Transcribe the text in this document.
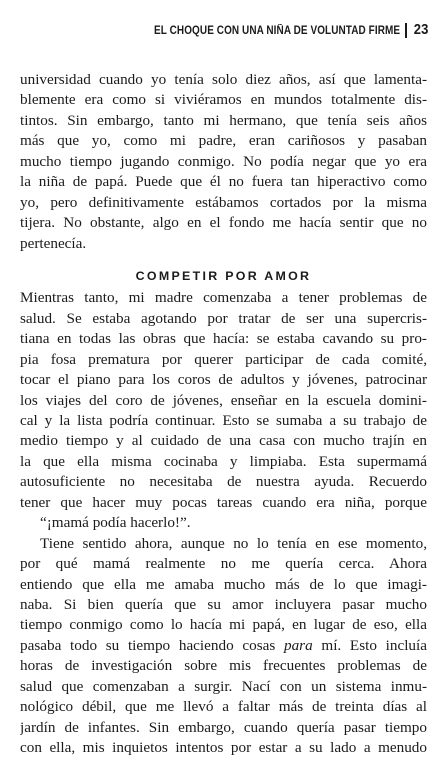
EL CHOQUE CON UNA NIÑA DE VOLUNTAD FIRME 23
universidad cuando yo tenía solo diez años, así que lamenta-
blemente era como si viviéramos en mundos totalmente dis-
tintos. Sin embargo, tanto mi hermano, que tenía seis años
más que yo, como mi padre, eran cariñosos y pasaban
mucho tiempo jugando conmigo. No podía negar que yo era
la niña de papá. Puede que él no fuera tan hiperactivo como
yo, pero definitivamente estábamos cortados por la misma
tijera. No obstante, algo en el fondo me hacía sentir que no
pertenecía.
COMPETIR POR AMOR
Mientras tanto, mi madre comenzaba a tener problemas de
salud. Se estaba agotando por tratar de ser una supercris-
tiana en todas las obras que hacía: se estaba cavando su pro-
pia fosa prematura por querer participar de cada comité,
tocar el piano para los coros de adultos y jóvenes, patrocinar
los viajes del coro de jóvenes, enseñar en la escuela domini-
cal y la lista podría continuar. Esto se sumaba a su trabajo de
medio tiempo y al cuidado de una casa con mucho trajín en
la que ella misma cocinaba y limpiaba. Esta supermamá
autosuficiente no necesitaba de nuestra ayuda. Recuerdo
tener que hacer muy pocas tareas cuando era niña, porque
“¡mamá podía hacerlo!”.
Tiene sentido ahora, aunque no lo tenía en ese momento,
por qué mamá realmente no me quería cerca. Ahora
entiendo que ella me amaba mucho más de lo que imagi-
naba. Si bien quería que su amor incluyera pasar mucho
tiempo conmigo como lo hacía mi papá, en lugar de eso, ella
pasaba todo su tiempo haciendo cosas para mí. Esto incluía
horas de investigación sobre mis frecuentes problemas de
salud que comenzaban a surgir. Nací con un sistema inmu-
nológico débil, que me llevó a faltar más de treinta días al
jardín de infantes. Sin embargo, cuando quería pasar tiempo
con ella, mis inquietos intentos por estar a su lado a menudo
